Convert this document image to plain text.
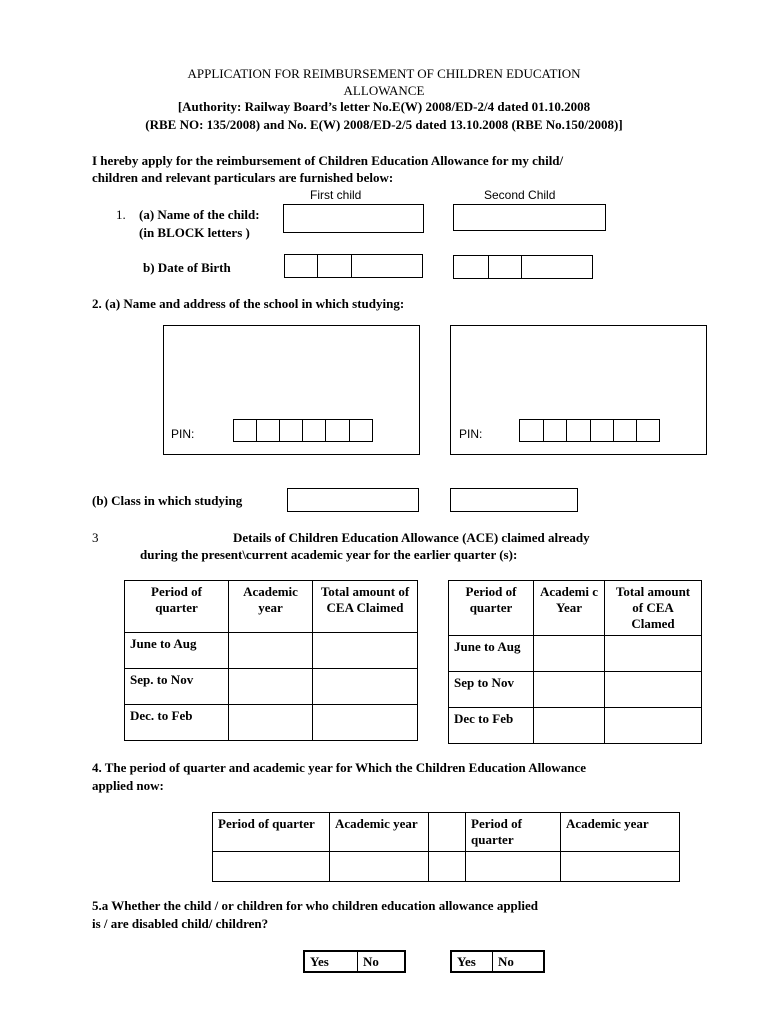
APPLICATION FOR REIMBURSEMENT OF CHILDREN EDUCATION
ALLOWANCE
[Authority: Railway Board’s letter No.E(W) 2008/ED-2/4 dated 01.10.2008
(RBE NO: 135/2008) and No. E(W) 2008/ED-2/5 dated 13.10.2008 (RBE No.150/2008)]
I hereby apply for the reimbursement of Children Education Allowance for my child/
children and relevant particulars are furnished below:
First child	Second Child
1. (a) Name of the child:
(in BLOCK letters )
b) Date of Birth
2. (a) Name and address of the school in which studying:
PIN:	PIN:
(b) Class in which studying
3	Details of Children Education Allowance (ACE) claimed already
during the present\current academic year for the earlier quarter (s):
Period of quarter	Academic year	Total amount of CEA Claimed
June to Aug		
Sep. to Nov		
Dec. to Feb		
Period of quarter	Academi c Year	Total amount of CEA Clamed
June to Aug		
Sep to Nov		
Dec to Feb		
4. The period of quarter and academic year for Which the Children Education Allowance
applied now:
Period of quarter	Academic year		Period of quarter	Academic year

5.a Whether the child / or children for who children education allowance applied
is / are disabled child/ children?
Yes	No	Yes	No
